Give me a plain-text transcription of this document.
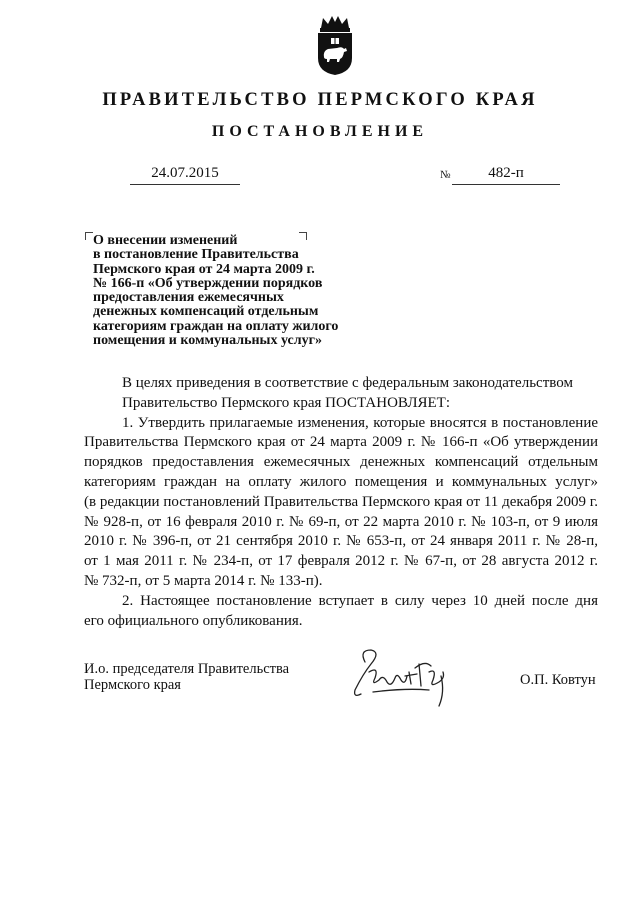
ПРАВИТЕЛЬСТВО ПЕРМСКОГО КРАЯ
ПОСТАНОВЛЕНИЕ
24.07.2015	№	482-п
О внесении изменений
в постановление Правительства
Пермского края от 24 марта 2009 г.
№ 166-п «Об утверждении порядков
предоставления ежемесячных
денежных компенсаций отдельным
категориям граждан на оплату жилого
помещения и коммунальных услуг»
В целях приведения в соответствие с федеральным законодательством
Правительство Пермского края ПОСТАНОВЛЯЕТ:
1. Утвердить прилагаемые изменения, которые вносятся в постановление
Правительства Пермского края от 24 марта 2009 г. № 166-п «Об утверждении
порядков предоставления ежемесячных денежных компенсаций отдельным
категориям граждан на оплату жилого помещения и коммунальных услуг»
(в редакции постановлений Правительства Пермского края от 11 декабря 2009 г.
№ 928-п, от 16 февраля 2010 г. № 69-п, от 22 марта 2010 г. № 103-п, от 9 июля
2010 г. № 396-п, от 21 сентября 2010 г. № 653-п, от 24 января 2011 г. № 28-п,
от 1 мая 2011 г. № 234-п, от 17 февраля 2012 г. № 67-п, от 28 августа 2012 г.
№ 732-п, от 5 марта 2014 г. № 133-п).
2. Настоящее постановление вступает в силу через 10 дней после дня
его официального опубликования.
И.о. председателя Правительства
Пермского края	О.П. Ковтун
